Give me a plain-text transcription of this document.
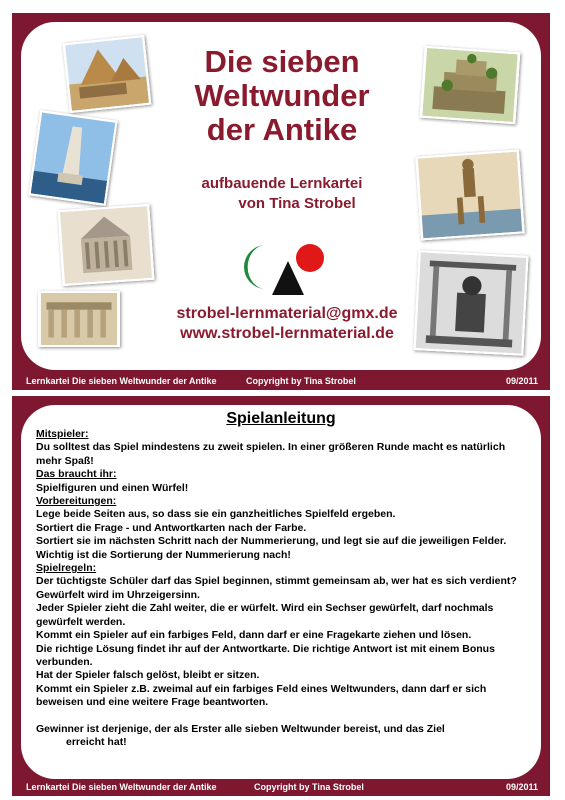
Die sieben
Weltwunder
der Antike
aufbauende Lernkartei
von Tina Strobel
strobel-lernmaterial@gmx.de
www.strobel-lernmaterial.de
Lernkartei Die sieben Weltwunder der Antike	Copyright by Tina Strobel	09/2011
Spielanleitung
Mitspieler:
Du solltest das Spiel mindestens zu zweit spielen. In einer größeren Runde macht es natürlich mehr Spaß!
Das braucht ihr:
Spielfiguren und einen Würfel!
Vorbereitungen:
Lege beide Seiten aus, so dass sie ein ganzheitliches Spielfeld ergeben.
Sortiert die Frage - und Antwortkarten nach der Farbe.
Sortiert sie im nächsten Schritt nach der Nummerierung, und legt sie auf die jeweiligen Felder.
Wichtig ist die Sortierung der Nummerierung nach!
Spielregeln:
Der tüchtigste Schüler darf das Spiel beginnen, stimmt gemeinsam ab, wer hat es sich verdient?
Gewürfelt wird im Uhrzeigersinn.
Jeder Spieler zieht die Zahl weiter, die er würfelt. Wird ein Sechser gewürfelt, darf nochmals gewürfelt werden.
Kommt ein Spieler auf ein farbiges Feld, dann darf er eine Fragekarte ziehen und lösen.
Die richtige Lösung findet ihr auf der Antwortkarte. Die richtige Antwort ist mit einem Bonus verbunden.
Hat der Spieler falsch gelöst, bleibt er sitzen.
Kommt ein Spieler z.B. zweimal auf ein farbiges Feld eines Weltwunders, dann darf er sich beweisen und eine weitere Frage beantworten.
Gewinner ist derjenige, der als Erster alle sieben Weltwunder bereist, und das Ziel
erreicht hat!
Lernkartei Die sieben Weltwunder der Antike	Copyright by Tina Strobel	09/2011
